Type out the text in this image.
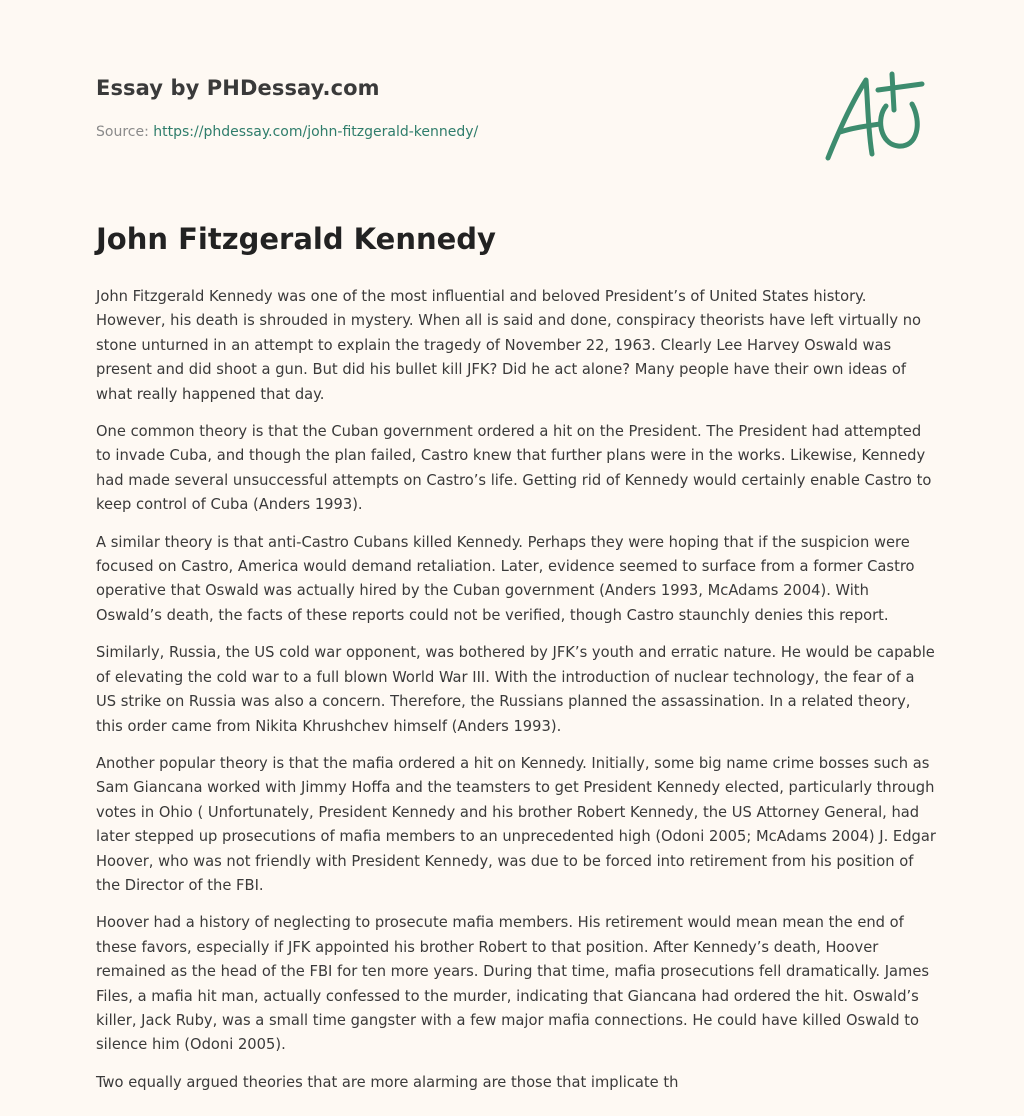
Essay by PHDessay.com

Source: https://phdessay.com/john-fitzgerald-kennedy/

John Fitzgerald Kennedy

John Fitzgerald Kennedy was one of the most influential and beloved President’s of United States history. However, his death is shrouded in mystery. When all is said and done, conspiracy theorists have left virtually no stone unturned in an attempt to explain the tragedy of November 22, 1963. Clearly Lee Harvey Oswald was present and did shoot a gun. But did his bullet kill JFK? Did he act alone? Many people have their own ideas of what really happened that day.

One common theory is that the Cuban government ordered a hit on the President. The President had attempted to invade Cuba, and though the plan failed, Castro knew that further plans were in the works. Likewise, Kennedy had made several unsuccessful attempts on Castro’s life. Getting rid of Kennedy would certainly enable Castro to keep control of Cuba (Anders 1993).

A similar theory is that anti-Castro Cubans killed Kennedy. Perhaps they were hoping that if the suspicion were focused on Castro, America would demand retaliation. Later, evidence seemed to surface from a former Castro operative that Oswald was actually hired by the Cuban government (Anders 1993, McAdams 2004). With Oswald’s death, the facts of these reports could not be verified, though Castro staunchly denies this report.

Similarly, Russia, the US cold war opponent, was bothered by JFK’s youth and erratic nature. He would be capable of elevating the cold war to a full blown World War III. With the introduction of nuclear technology, the fear of a US strike on Russia was also a concern. Therefore, the Russians planned the assassination. In a related theory, this order came from Nikita Khrushchev himself (Anders 1993).

Another popular theory is that the mafia ordered a hit on Kennedy. Initially, some big name crime bosses such as Sam Giancana worked with Jimmy Hoffa and the teamsters to get President Kennedy elected, particularly through votes in Ohio ( Unfortunately, President Kennedy and his brother Robert Kennedy, the US Attorney General, had later stepped up prosecutions of mafia members to an unprecedented high (Odoni 2005; McAdams 2004) J. Edgar Hoover, who was not friendly with President Kennedy, was due to be forced into retirement from his position of the Director of the FBI.

Hoover had a history of neglecting to prosecute mafia members. His retirement would mean mean the end of these favors, especially if JFK appointed his brother Robert to that position. After Kennedy’s death, Hoover remained as the head of the FBI for ten more years. During that time, mafia prosecutions fell dramatically. James Files, a mafia hit man, actually confessed to the murder, indicating that Giancana had ordered the hit. Oswald’s killer, Jack Ruby, was a small time gangster with a few major mafia connections. He could have killed Oswald to silence him (Odoni 2005).

Two equally argued theories that are more alarming are those that implicate th
